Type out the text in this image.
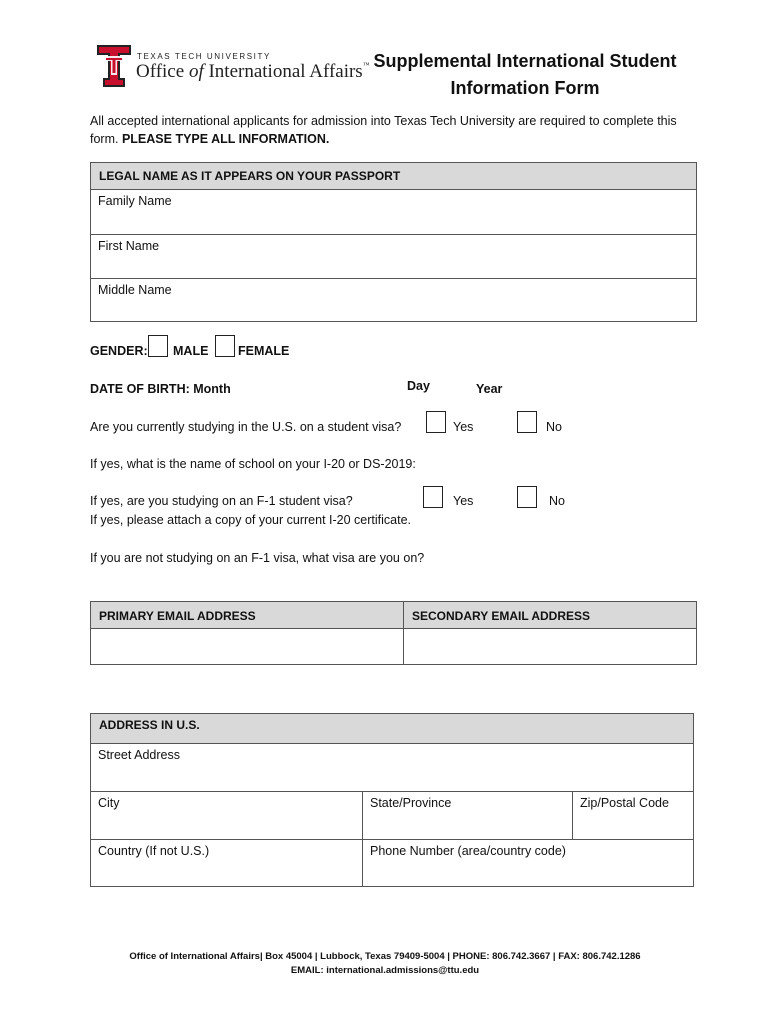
TEXAS TECH UNIVERSITY
Office of International Affairs™ Supplemental International Student
Information Form
All accepted international applicants for admission into Texas Tech University are required to complete this form. PLEASE TYPE ALL INFORMATION.
LEGAL NAME AS IT APPEARS ON YOUR PASSPORT
Family Name
First Name
Middle Name
GENDER: MALE FEMALE
DATE OF BIRTH: Month	Day	Year
Are you currently studying in the U.S. on a student visa?	Yes	No
If yes, what is the name of school on your I-20 or DS-2019:
If yes, are you studying on an F-1 student visa?
If yes, please attach a copy of your current I-20 certificate.
Yes	No
If you are not studying on an F-1 visa, what visa are you on?
PRIMARY EMAIL ADDRESS	SECONDARY EMAIL ADDRESS
ADDRESS IN U.S.
Street Address
City	State/Province	Zip/Postal Code
Country (If not U.S.)	Phone Number (area/country code)
Office of International Affairs| Box 45004 | Lubbock, Texas 79409-5004 | PHONE: 806.742.3667 | FAX: 806.742.1286
EMAIL: international.admissions@ttu.edu
